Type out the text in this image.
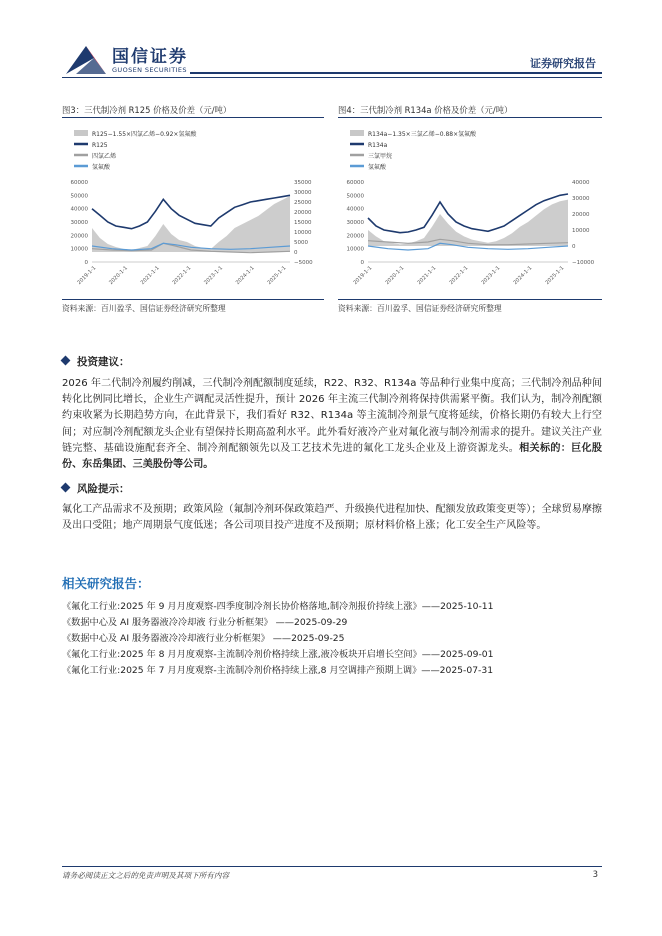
国信证券
GUOSEN SECURITIES	证券研究报告
图3：三代制冷剂 R125 价格及价差（元/吨）
R125−1.55×四氯乙烯−0.92×氢氟酸
R125
四氯乙烯
氢氟酸
60000
50000
40000
30000
20000
10000
0
35000
30000
25000
20000
15000
10000
5000
0
−5000
2019-1-1 2020-1-1 2021-1-1 2022-1-1 2023-1-1 2024-1-1 2025-1-1
资料来源：百川盈孚、国信证券经济研究所整理
图4：三代制冷剂 R134a 价格及价差（元/吨）
R134a−1.35×三氯乙烯−0.88×氢氟酸
R134a
三氯甲烷
氢氟酸
60000
50000
40000
30000
20000
10000
0
40000
30000
20000
10000
0
−10000
2019-1-1 2020-1-1 2021-1-1 2022-1-1 2023-1-1 2024-1-1 2025-1-1
资料来源：百川盈孚、国信证券经济研究所整理
投资建议：
2026 年二代制冷剂履约削减，三代制冷剂配额制度延续，R22、R32、R134a 等品种行业集中度高；三代制冷剂品种间转化比例同比增长，企业生产调配灵活性提升，预计 2026 年主流三代制冷剂将保持供需紧平衡。我们认为，制冷剂配额约束收紧为长期趋势方向，在此背景下，我们看好 R32、R134a 等主流制冷剂景气度将延续，价格长期仍有较大上行空间；对应制冷剂配额龙头企业有望保持长期高盈利水平。此外看好液冷产业对氟化液与制冷剂需求的提升。建议关注产业链完整、基础设施配套齐全、制冷剂配额领先以及工艺技术先进的氟化工龙头企业及上游资源龙头。相关标的：巨化股份、东岳集团、三美股份等公司。
风险提示：
氟化工产品需求不及预期；政策风险（氟制冷剂环保政策趋严、升级换代进程加快、配额发放政策变更等）；全球贸易摩擦及出口受阻；地产周期景气度低迷；各公司项目投产进度不及预期；原材料价格上涨；化工安全生产风险等。
相关研究报告：
《氟化工行业:2025 年 9 月月度观察-四季度制冷剂长协价格落地,制冷剂报价持续上涨》——2025-10-11
《数据中心及 AI 服务器液冷冷却液 行业分析框架》 ——2025-09-29
《数据中心及 AI 服务器液冷冷却液行业分析框架》 ——2025-09-25
《氟化工行业:2025 年 8 月月度观察-主流制冷剂价格持续上涨,液冷板块开启增长空间》——2025-09-01
《氟化工行业:2025 年 7 月月度观察-主流制冷剂价格持续上涨,8 月空调排产预期上调》——2025-07-31
请务必阅读正文之后的免责声明及其项下所有内容	3
